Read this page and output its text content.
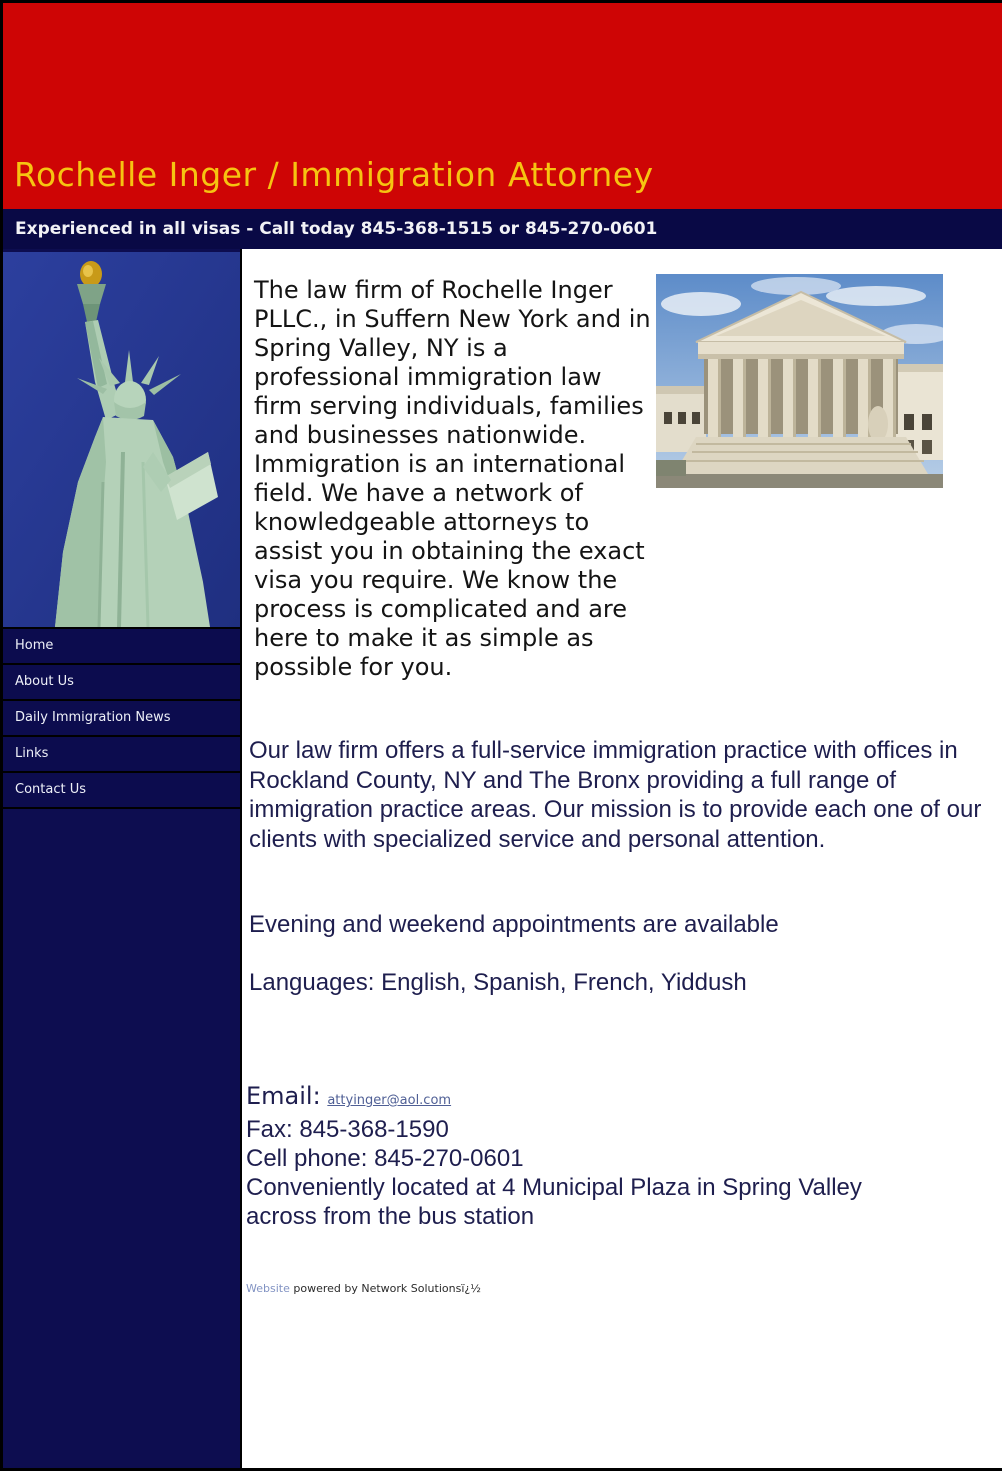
Rochelle Inger / Immigration Attorney
Experienced in all visas - Call today 845-368-1515 or 845-270-0601
Home
About Us
Daily Immigration News
Links
Contact Us

The law firm of Rochelle Inger PLLC., in Suffern New York and in Spring Valley, NY is a professional immigration law firm serving individuals, families and businesses nationwide. Immigration is an international field. We have a network of knowledgeable attorneys to assist you in obtaining the exact visa you require. We know the process is complicated and are here to make it as simple as possible for you.

Our law firm offers a full-service immigration practice with offices in Rockland County, NY and The Bronx providing a full range of immigration practice areas. Our mission is to provide each one of our clients with specialized service and personal attention.

Evening and weekend appointments are available

Languages: English, Spanish, French, Yiddush

Email: attyinger@aol.com
Fax: 845-368-1590
Cell phone: 845-270-0601
Conveniently located at 4 Municipal Plaza in Spring Valley
across from the bus station
Website powered by Network Solutionsï¿½
